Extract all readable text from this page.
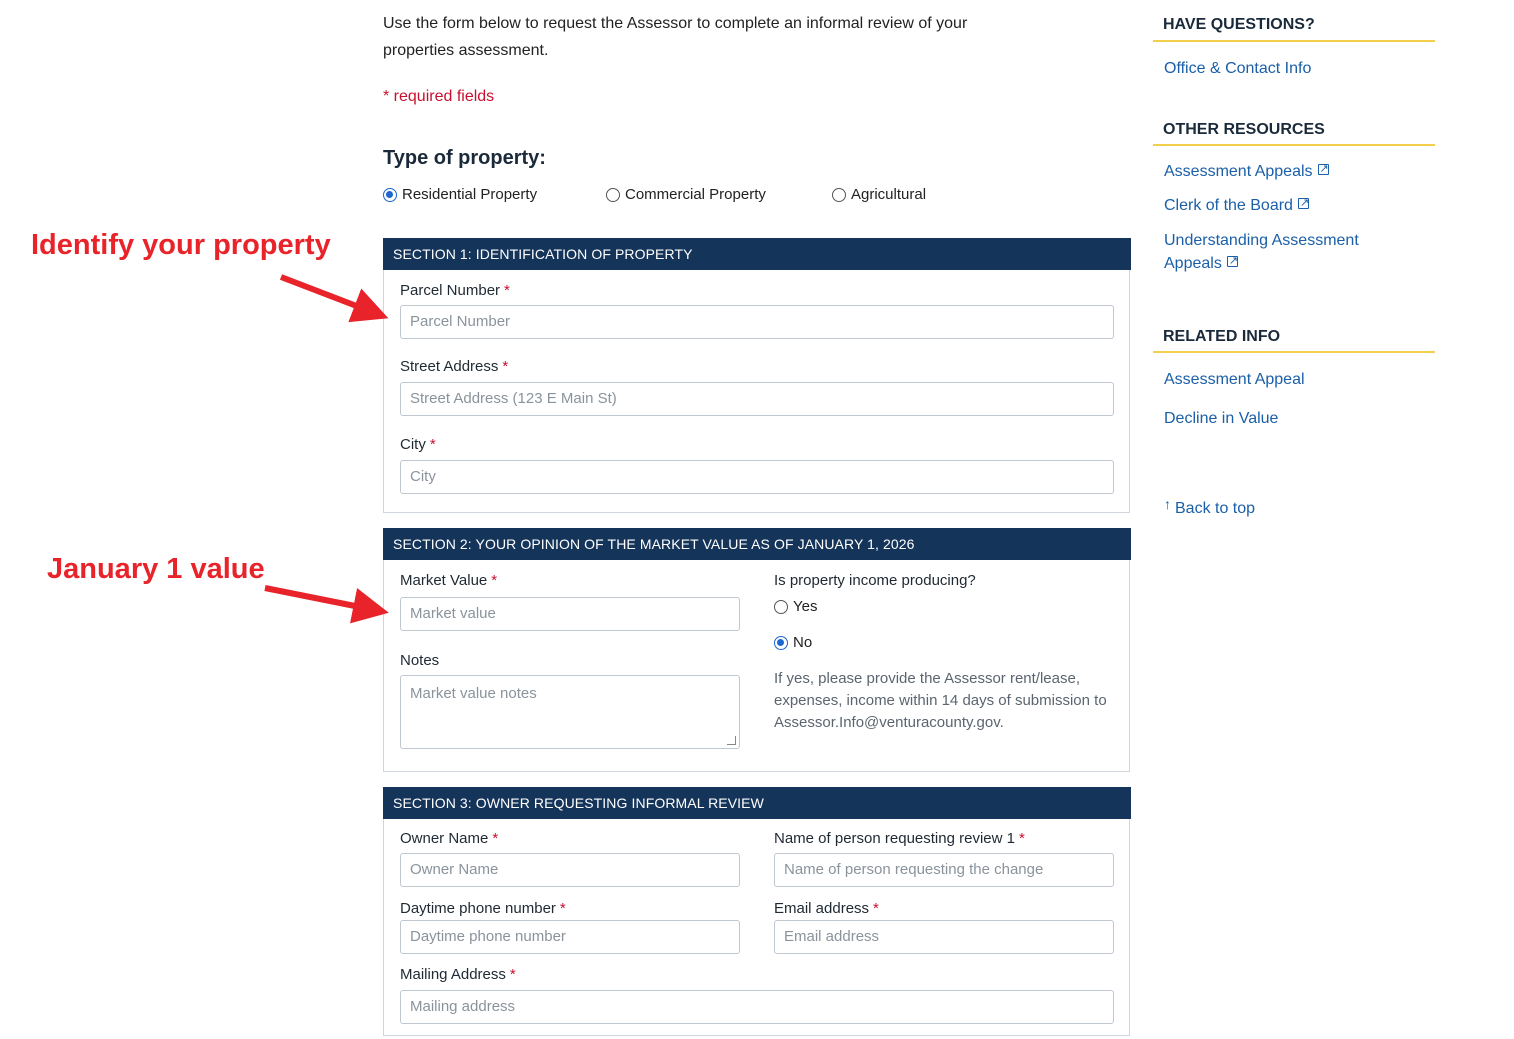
Use the form below to request the Assessor to complete an informal review of your properties assessment.
* required fields
Type of property:
Residential Property	Commercial Property	Agricultural
SECTION 1: IDENTIFICATION OF PROPERTY
Parcel Number *
Parcel Number
Street Address *
Street Address (123 E Main St)
City *
City
SECTION 2: YOUR OPINION OF THE MARKET VALUE AS OF JANUARY 1, 2026
Market Value *
Market value
Notes
Market value notes
Is property income producing?
Yes
No
If yes, please provide the Assessor rent/lease, expenses, income within 14 days of submission to Assessor.Info@venturacounty.gov.
SECTION 3: OWNER REQUESTING INFORMAL REVIEW
Owner Name *
Owner Name
Name of person requesting review 1 *
Name of person requesting the change
Daytime phone number *
Daytime phone number
Email address *
Email address
Mailing Address *
Mailing address
HAVE QUESTIONS?
Office & Contact Info
OTHER RESOURCES
Assessment Appeals↗
Clerk of the Board↗
Understanding Assessment
Appeals↗
RELATED INFO
Assessment Appeal
Decline in Value
↑ Back to top
Identify your property
January 1 value
